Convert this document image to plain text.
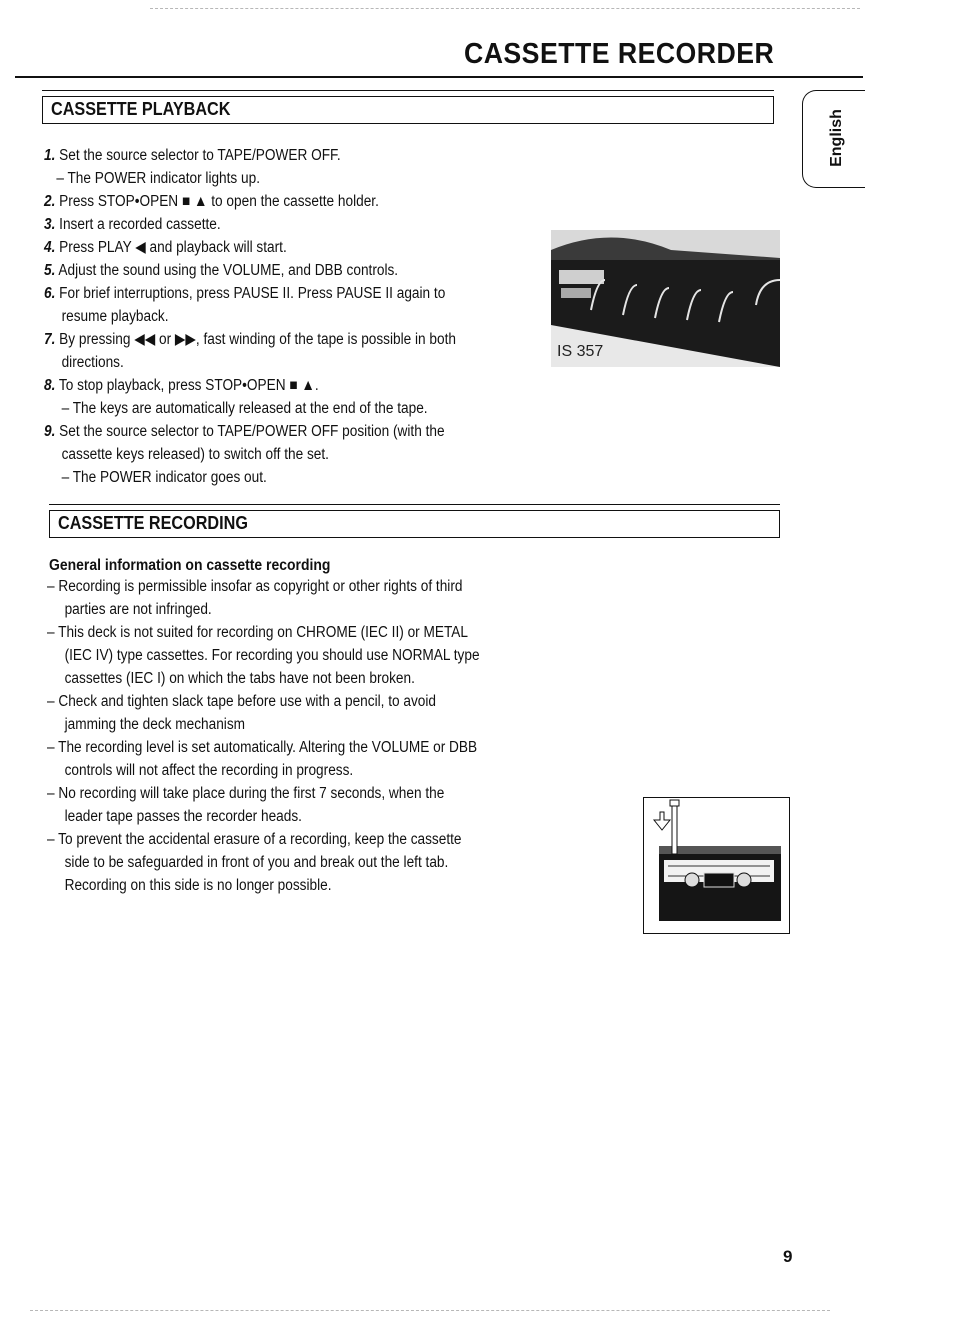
CASSETTE RECORDER
English
CASSETTE PLAYBACK
1. Set the source selector to TAPE/POWER OFF.
– The POWER indicator lights up.
2. Press STOP•OPEN ■ ▲ to open the cassette holder.
3. Insert a recorded cassette.
4. Press PLAY ◀ and playback will start.
5. Adjust the sound using the VOLUME, and DBB controls.
6. For brief interruptions, press PAUSE II. Press PAUSE II again to
resume playback.
7. By pressing ◀◀ or ▶▶, fast winding of the tape is possible in both
directions.
8. To stop playback, press STOP•OPEN ■ ▲.
– The keys are automatically released at the end of the tape.
9. Set the source selector to TAPE/POWER OFF position (with the
cassette keys released) to switch off the set.
– The POWER indicator goes out.
IS 357
CASSETTE RECORDING
General information on cassette recording
– Recording is permissible insofar as copyright or other rights of third
parties are not infringed.
– This deck is not suited for recording on CHROME (IEC II) or METAL
(IEC IV) type cassettes. For recording you should use NORMAL type
cassettes (IEC I) on which the tabs have not been broken.
– Check and tighten slack tape before use with a pencil, to avoid
jamming the deck mechanism
– The recording level is set automatically. Altering the VOLUME or DBB
controls will not affect the recording in progress.
– No recording will take place during the first 7 seconds, when the
leader tape passes the recorder heads.
– To prevent the accidental erasure of a recording, keep the cassette
side to be safeguarded in front of you and break out the left tab.
Recording on this side is no longer possible.
9
